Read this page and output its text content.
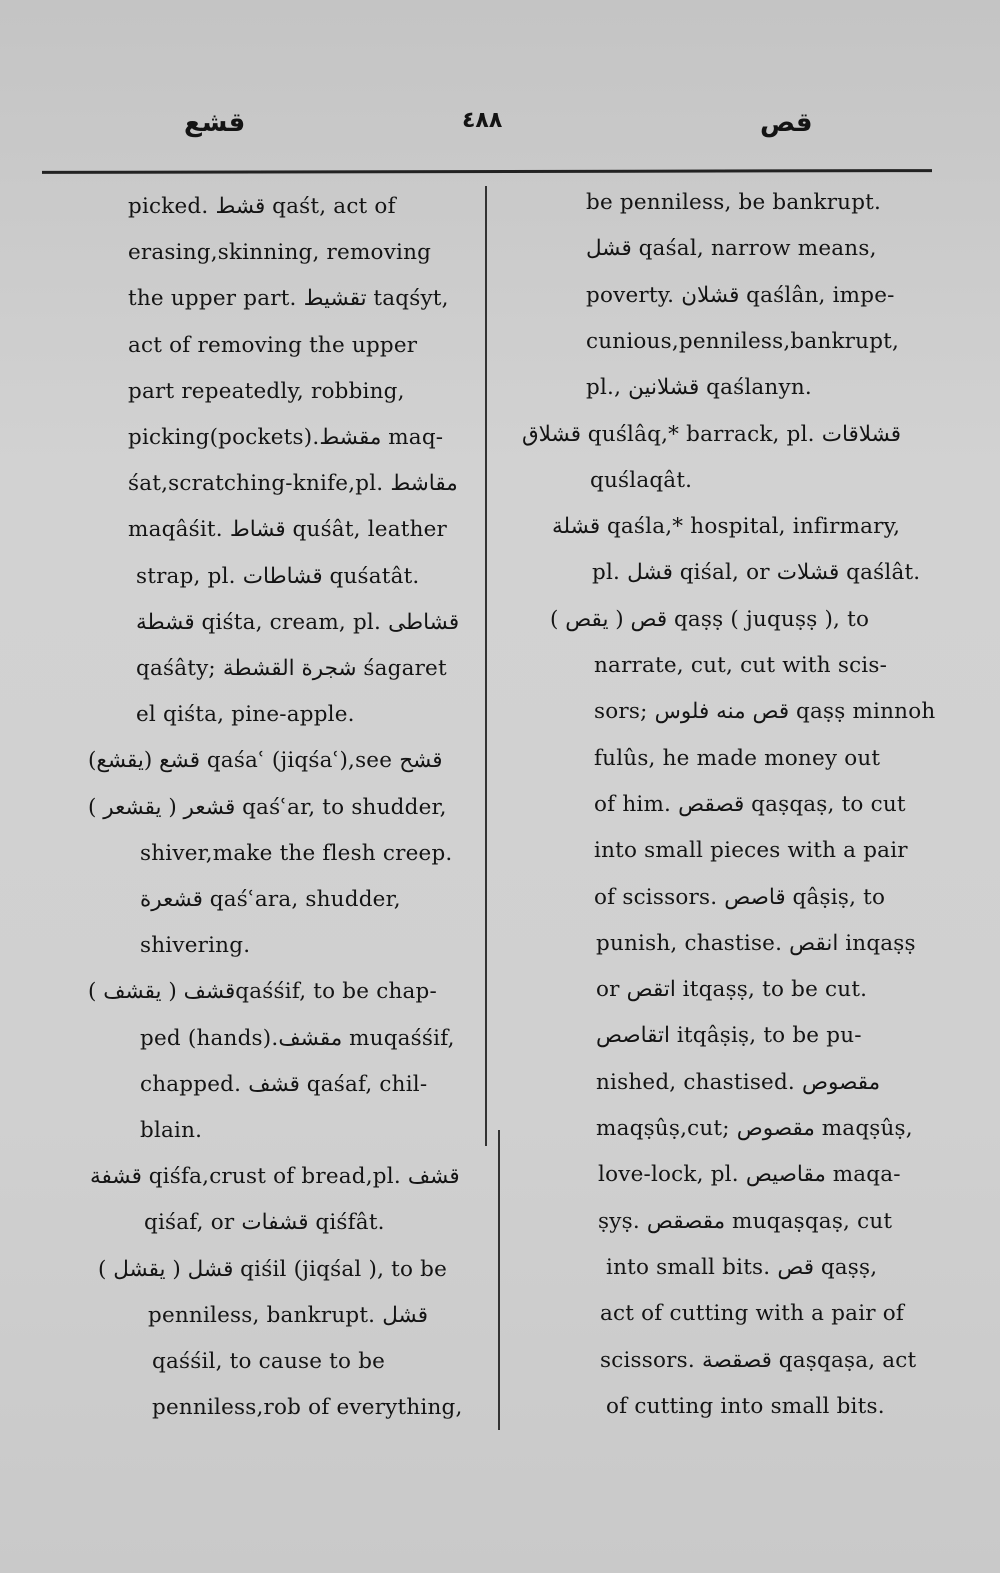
قشع	٤٨٨	قص
picked. قشط qaśt, act of
erasing,skinning, removing
the upper part. تقشيط taqśyt,
act of removing the upper
part repeatedly, robbing,
picking(pockets).مقشط maq-
śat,scratching-knife,pl. مقاشط
maqâśit. قشاط quśât, leather
strap, pl. قشاطات quśatât.
قشطة qiśta, cream, pl. قشاطى
qaśâty; شجرة القشطة śagaret
el qiśta, pine-apple.
قشع (يقشع) qaśaʿ (jiqśaʿ),see قشح
قشعر ( يقشعر ) qaśʿar, to shudder,
shiver,make the flesh creep.
قشعرة qaśʿara, shudder,
shivering.
قشف ( يقشف )qaśśif, to be chap-
ped (hands).مقشف muqaśśif,
chapped. قشف qaśaf, chil-
blain.
قشفة qiśfa,crust of bread,pl. قشف
qiśaf, or قشفات qiśfât.
قشل ( يقشل ) qiśil (jiqśal ), to be
penniless, bankrupt. قشل
qaśśil, to cause to be
penniless,rob of everything,
be penniless, be bankrupt.
قشل qaśal, narrow means,
poverty. قشلان qaślân, impe-
cunious,penniless,bankrupt,
pl., قشلانين qaślanyn.
قشلاق quślâq,* barrack, pl. قشلاقات
quślaqât.
قشلة qaśla,* hospital, infirmary,
pl. قشل qiśal, or قشلات qaślât.
قص ( يقص ) qaṣṣ ( juquṣṣ ), to
narrate, cut, cut with scis-
sors; قص منه فلوس qaṣṣ minnoh
fulûs, he made money out
of him. قصقص qaṣqaṣ, to cut
into small pieces with a pair
of scissors. قاصص qâṣiṣ, to
punish, chastise. انقص inqaṣṣ
or اتقص itqaṣṣ, to be cut.
اتقاصص itqâṣiṣ, to be pu-
nished, chastised. مقصوص
maqṣûṣ,cut; مقصوص maqṣûṣ,
love-lock, pl. مقاصيص maqa-
ṣyṣ. مقصقص muqaṣqaṣ, cut
into small bits. قص qaṣṣ,
act of cutting with a pair of
scissors. قصقصة qaṣqaṣa, act
of cutting into small bits.
